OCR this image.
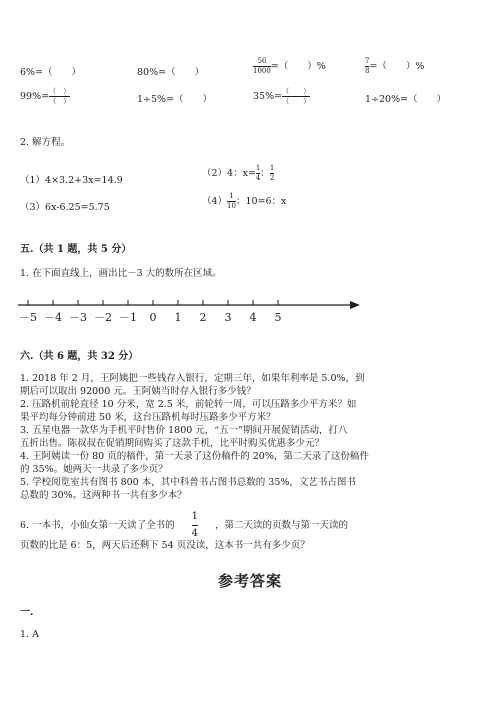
6%=（　　）	80%=（　　）	$\frac{56}{1000}$ =（　　）%	$\frac{7}{8}$ =（　　）%
$99\%= \frac{( )}{( )}$	1÷5%=（　　）	$35\%= \frac{( )}{( )}$	1÷20%=（　　）
2. 解方程。
（1）4×3.2+3x=14.9
（2）4：$x= \frac{1}{4}$ ： $\frac{1}{2}$
（3）6x-6.25=5.75
$(4) \frac{1}{10}$ ：10=6：x
五.（共 1 题，共 5 分）
1. 在下面直线上，画出比－3 大的数所在区域。
－5 －4 －3 －2 －1 0 1 2 3 4 5
六.（共 6 题，共 32 分）
1. 2018 年 2 月，王阿姨把一些钱存入银行，定期三年，如果年利率是 5.0%，到
期后可以取出 92000 元。王阿姨当时存入银行多少钱？
2. 压路机前轮直径 10 分米，宽 2.5 米，前轮转一周，可以压路多少平方米？如
果平均每分钟前进 50 米，这台压路机每时压路多少平方米？
3. 五星电器一款华为手机平时售价 1800 元，“五一”期间开展促销活动，打八
五折出售。陈叔叔在促销期间购买了这款手机，比平时购买优惠多少元？
4. 王阿姨读一份 80 页的稿件，第一天录了这份稿件的 20%，第二天录了这份稿件
的 35%。她两天一共录了多少页？
5. 学校阅览室共有图书 800 本，其中科普书占图书总数的 35%，文艺书占图书
总数的 30%。这两种书一共有多少本？
6. 一本书，小仙女第一天读了全书的 $\frac{1}{4}$ ，第二天读的页数与第一天读的
页数的比是 6：5，两天后还剩下 54 页没读，这本书一共有多少页？
参考答案
一.
1. A
